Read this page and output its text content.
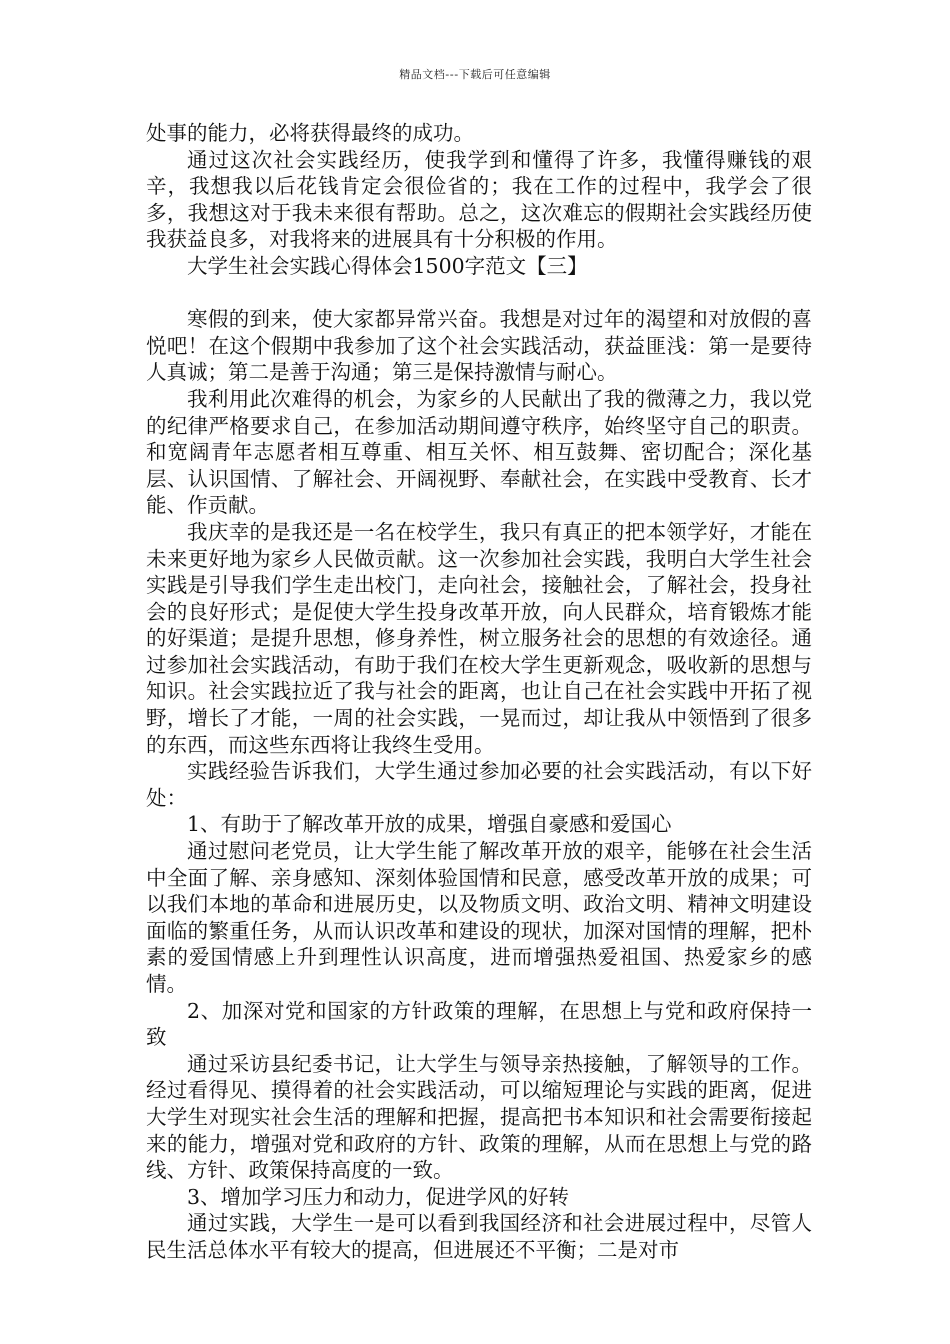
精品文档---下载后可任意编辑

处事的能力，必将获得最终的成功。

通过这次社会实践经历，使我学到和懂得了许多，我懂得赚钱的艰辛，我想我以后花钱肯定会很俭省的；我在工作的过程中，我学会了很多，我想这对于我未来很有帮助。总之，这次难忘的假期社会实践经历使我获益良多，对我将来的进展具有十分积极的作用。

大学生社会实践心得体会1500字范文【三】

寒假的到来，使大家都异常兴奋。我想是对过年的渴望和对放假的喜悦吧！在这个假期中我参加了这个社会实践活动，获益匪浅：第一是要待人真诚；第二是善于沟通；第三是保持激情与耐心。

我利用此次难得的机会，为家乡的人民献出了我的微薄之力，我以党的纪律严格要求自己，在参加活动期间遵守秩序，始终坚守自己的职责。和宽阔青年志愿者相互尊重、相互关怀、相互鼓舞、密切配合；深化基层、认识国情、了解社会、开阔视野、奉献社会，在实践中受教育、长才能、作贡献。

我庆幸的是我还是一名在校学生，我只有真正的把本领学好，才能在未来更好地为家乡人民做贡献。这一次参加社会实践，我明白大学生社会实践是引导我们学生走出校门，走向社会，接触社会，了解社会，投身社会的良好形式；是促使大学生投身改革开放，向人民群众，培育锻炼才能的好渠道；是提升思想，修身养性，树立服务社会的思想的有效途径。通过参加社会实践活动，有助于我们在校大学生更新观念，吸收新的思想与知识。社会实践拉近了我与社会的距离，也让自己在社会实践中开拓了视野，增长了才能，一周的社会实践，一晃而过，却让我从中领悟到了很多的东西，而这些东西将让我终生受用。

实践经验告诉我们，大学生通过参加必要的社会实践活动，有以下好处：

1、有助于了解改革开放的成果，增强自豪感和爱国心

通过慰问老党员，让大学生能了解改革开放的艰辛，能够在社会生活中全面了解、亲身感知、深刻体验国情和民意，感受改革开放的成果；可以我们本地的革命和进展历史，以及物质文明、政治文明、精神文明建设面临的繁重任务，从而认识改革和建设的现状，加深对国情的理解，把朴素的爱国情感上升到理性认识高度，进而增强热爱祖国、热爱家乡的感情。

2、加深对党和国家的方针政策的理解，在思想上与党和政府保持一致

通过采访县纪委书记，让大学生与领导亲热接触，了解领导的工作。经过看得见、摸得着的社会实践活动，可以缩短理论与实践的距离，促进大学生对现实社会生活的理解和把握，提高把书本知识和社会需要衔接起来的能力，增强对党和政府的方针、政策的理解，从而在思想上与党的路线、方针、政策保持高度的一致。

3、增加学习压力和动力，促进学风的好转

通过实践，大学生一是可以看到我国经济和社会进展过程中，尽管人民生活总体水平有较大的提高，但进展还不平衡；二是对市
